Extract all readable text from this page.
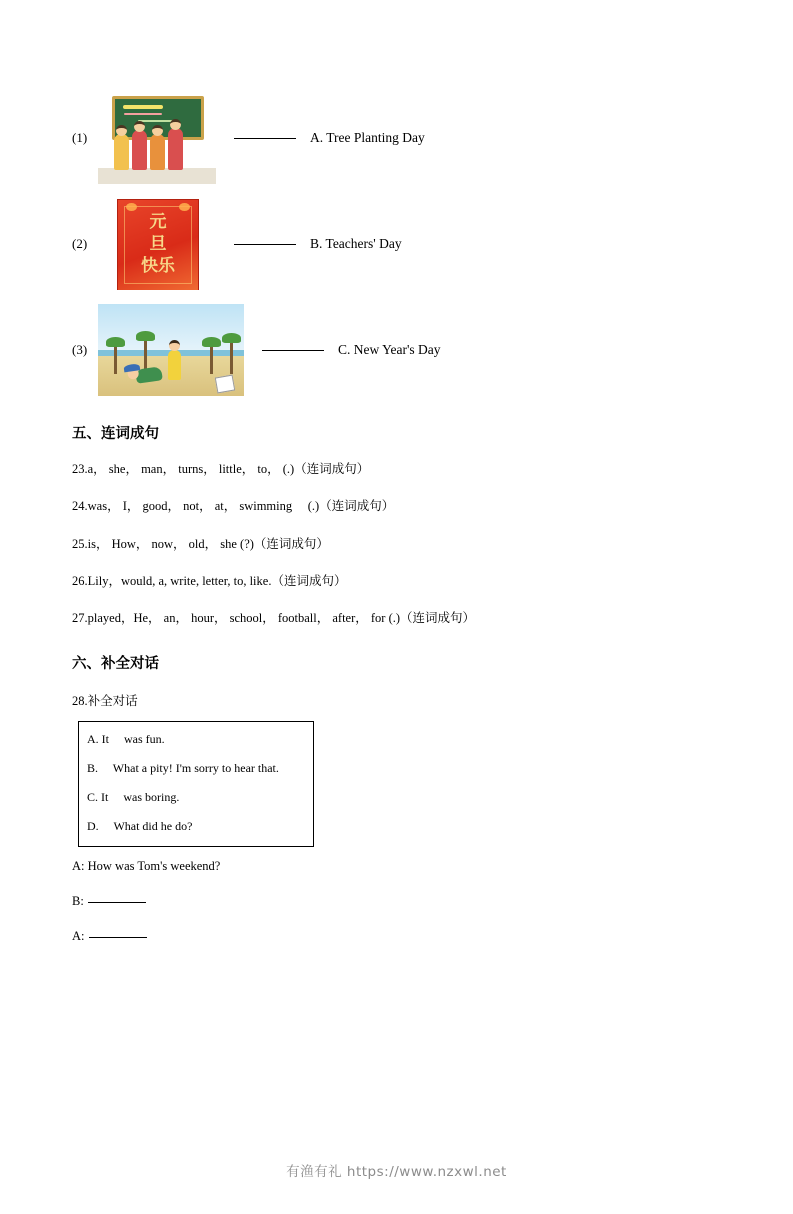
(1)	A. Tree Planting Day
(2)
元
旦
快乐
B. Teachers' Day
(3)	C. New Year's Day
五、连词成句

23.a， she， man， turns， little， to， (.)（连词成句）

24.was， I， good， not， at， swimming　 (.)（连词成句）

25.is， How， now， old， she (?)（连词成句）

26.Lily，would, a, write, letter, to, like.（连词成句）

27.played，He， an， hour， school， football， after， for (.)（连词成句）

六、补全对话

28.补全对话

A. It     was fun.
B.     What a pity! I'm sorry to hear that.
C. It     was boring.
D.     What did he do?

A: How was Tom's weekend?

B:

A:

有渔有礼 https://www.nzxwl.net
